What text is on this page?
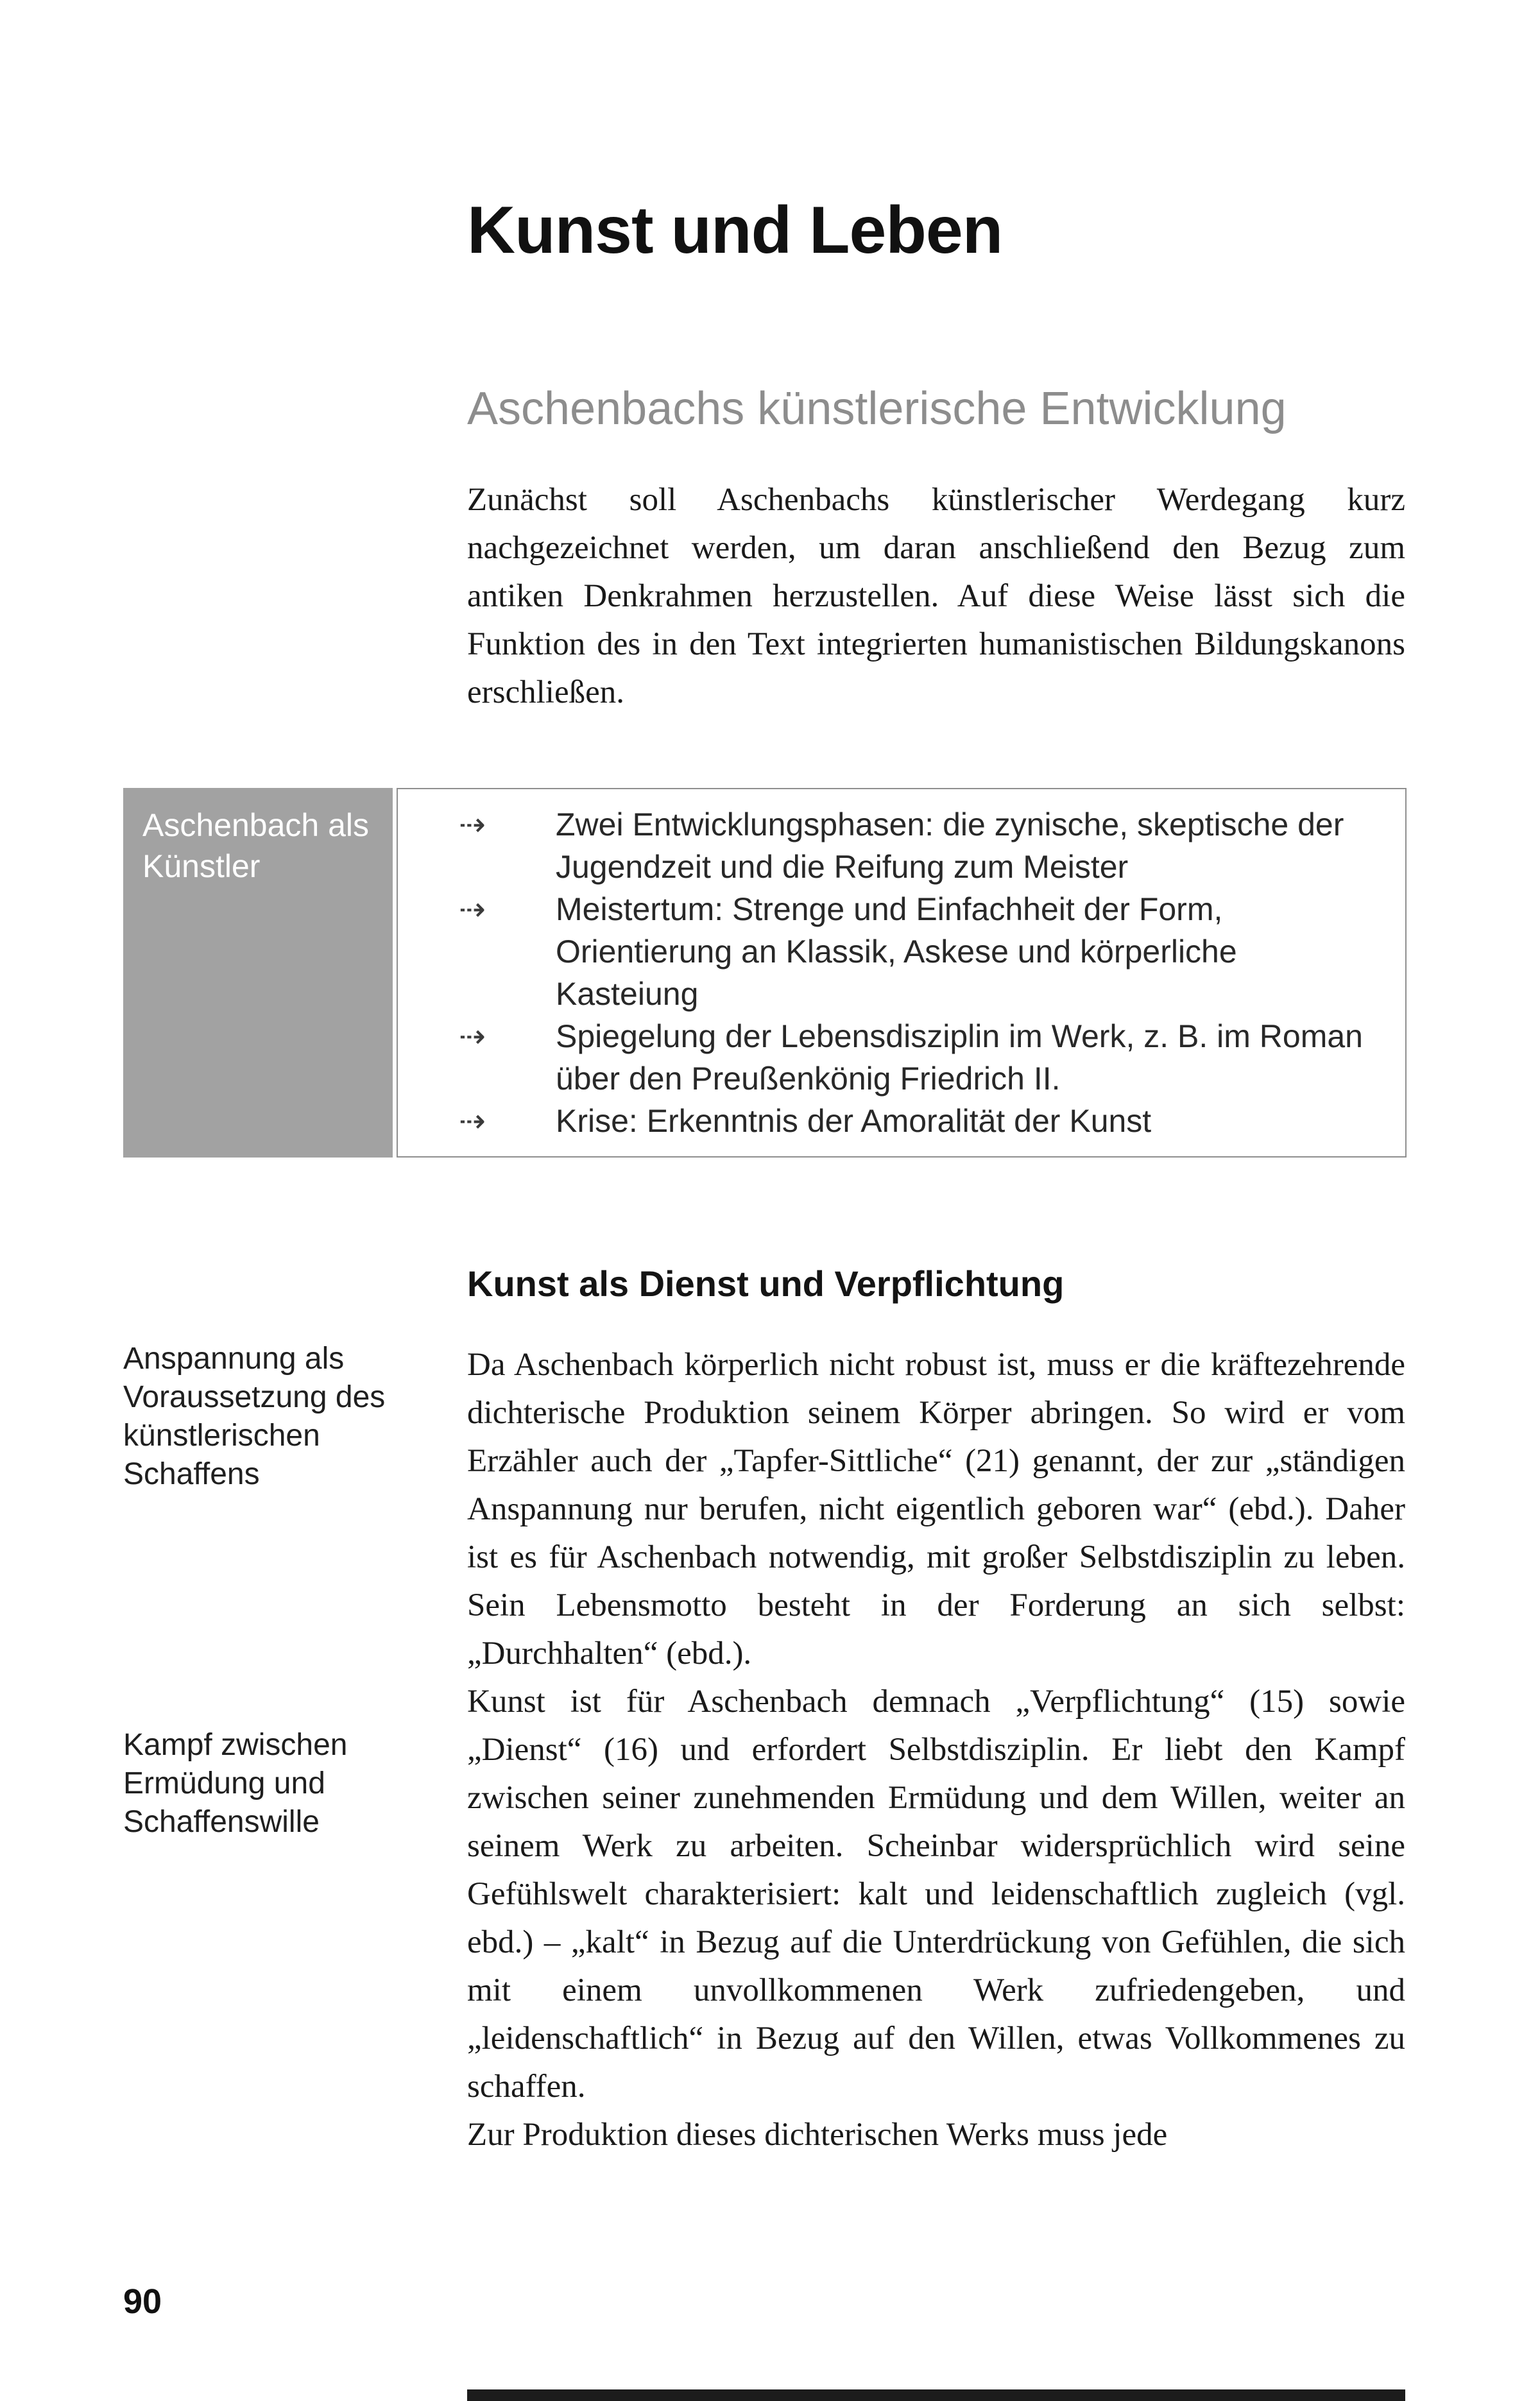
Kunst und Leben
Aschenbachs künstlerische Entwicklung

Zunächst soll Aschenbachs künstlerischer Werdegang kurz nachgezeichnet werden, um daran anschließend den Bezug zum antiken Denkrahmen herzustellen. Auf diese Weise lässt sich die Funktion des in den Text integrierten humanistischen Bildungskanons erschließen.

Aschenbach als Künstler
⇢	Zwei Entwicklungsphasen: die zynische, skeptische der Jugendzeit und die Reifung zum Meister
⇢	Meistertum: Strenge und Einfachheit der Form, Orientierung an Klassik, Askese und körperliche Kasteiung
⇢	Spiegelung der Lebensdisziplin im Werk, z. B. im Roman über den Preußenkönig Friedrich II.
⇢	Krise: Erkenntnis der Amoralität der Kunst
Kunst als Dienst und Verpflichtung
Anspannung als Voraussetzung des künstlerischen Schaffens
Kampf zwischen Ermüdung und Schaffenswille

Da Aschenbach körperlich nicht robust ist, muss er die kräftezehrende dichterische Produktion seinem Körper abringen. So wird er vom Erzähler auch der „Tapfer-Sittliche“ (21) genannt, der zur „ständigen Anspannung nur berufen, nicht eigentlich geboren war“ (ebd.). Daher ist es für Aschenbach notwendig, mit großer Selbstdisziplin zu leben. Sein Lebensmotto besteht in der Forderung an sich selbst: „Durchhalten“ (ebd.).

Kunst ist für Aschenbach demnach „Verpflichtung“ (15) sowie „Dienst“ (16) und erfordert Selbstdisziplin. Er liebt den Kampf zwischen seiner zunehmenden Ermüdung und dem Willen, weiter an seinem Werk zu arbeiten. Scheinbar widersprüchlich wird seine Gefühlswelt charakterisiert: kalt und leidenschaftlich zugleich (vgl. ebd.) – „kalt“ in Bezug auf die Unterdrückung von Gefühlen, die sich mit einem unvollkommenen Werk zufriedengeben, und „leidenschaftlich“ in Bezug auf den Willen, etwas Vollkommenes zu schaffen.

Zur Produktion dieses dichterischen Werks muss jede

90
